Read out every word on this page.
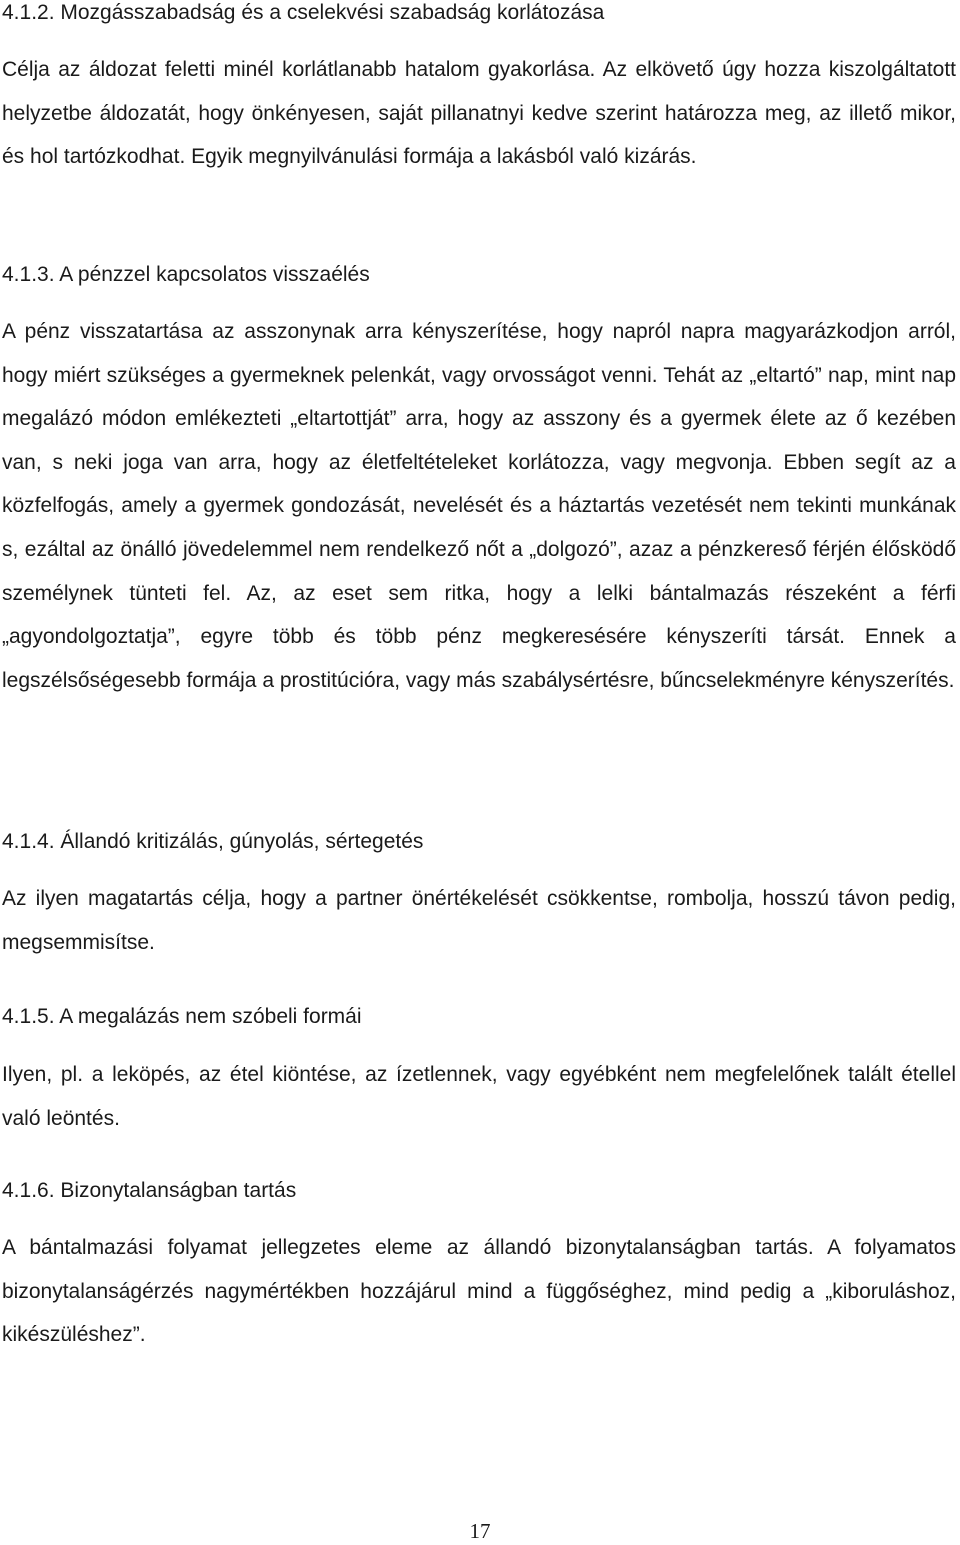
4.1.2. Mozgásszabadság és a cselekvési szabadság korlátozása

Célja az áldozat feletti minél korlátlanabb hatalom gyakorlása. Az elkövető úgy hozza kiszolgáltatott helyzetbe áldozatát, hogy önkényesen, saját pillanatnyi kedve szerint határozza meg, az illető mikor, és hol tartózkodhat. Egyik megnyilvánulási formája a lakásból való kizárás.

4.1.3. A pénzzel kapcsolatos visszaélés

A pénz visszatartása az asszonynak arra kényszerítése, hogy napról napra magyarázkodjon arról, hogy miért szükséges a gyermeknek pelenkát, vagy orvosságot venni. Tehát az „eltartó” nap, mint nap megalázó módon emlékezteti „eltartottját” arra, hogy az asszony és a gyermek élete az ő kezében van, s neki joga van arra, hogy az életfeltételeket korlátozza, vagy megvonja. Ebben segít az a közfelfogás, amely a gyermek gondozását, nevelését és a háztartás vezetését nem tekinti munkának s, ezáltal az önálló jövedelemmel nem rendelkező nőt a „dolgozó”, azaz a pénzkereső férjén élősködő személynek tünteti fel. Az, az eset sem ritka, hogy a lelki bántalmazás részeként a férfi „agyondolgoztatja”, egyre több és több pénz megkeresésére kényszeríti társát. Ennek a legszélsőségesebb formája a prostitúcióra, vagy más szabálysértésre, bűncselekményre kényszerítés.

4.1.4. Állandó kritizálás, gúnyolás, sértegetés

Az ilyen magatartás célja, hogy a partner önértékelését csökkentse, rombolja, hosszú távon pedig, megsemmisítse.

4.1.5. A megalázás nem szóbeli formái

Ilyen, pl. a leköpés, az étel kiöntése, az ízetlennek, vagy egyébként nem megfelelőnek talált étellel való leöntés.

4.1.6. Bizonytalanságban tartás

A bántalmazási folyamat jellegzetes eleme az állandó bizonytalanságban tartás. A folyamatos bizonytalanságérzés nagymértékben hozzájárul mind a függőséghez, mind pedig a „kiboruláshoz, kikészüléshez”.

17
